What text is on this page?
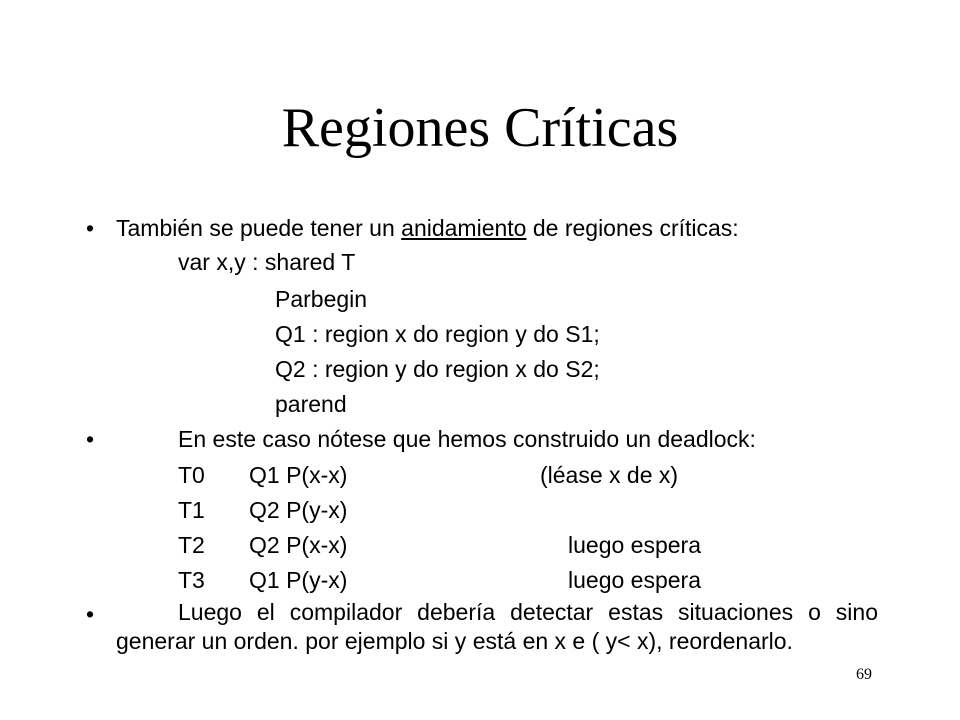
Regiones Críticas
• También se puede tener un anidamiento de regiones críticas:
var x,y : shared T
Parbegin
Q1 : region x do region y do S1;
Q2 : region y do region x do S2;
parend
•	En este caso nótese que hemos construido un deadlock:
T0 Q1 P(x-x)	(léase x de x)
T1 Q2 P(y-x)
T2 Q2 P(x-x)	luego espera
T3 Q1 P(y-x)	luego espera
•	Luego el compilador debería detectar estas situaciones o sino generar un orden. por ejemplo si y está en x e ( y< x), reordenarlo.
69
